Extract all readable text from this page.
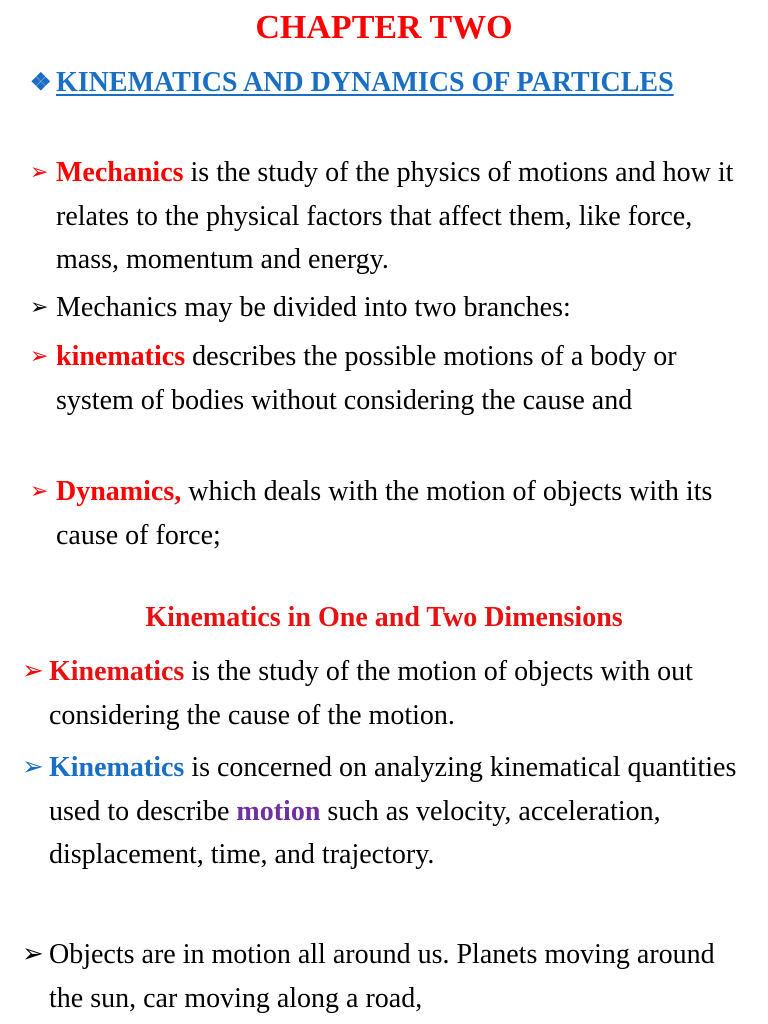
CHAPTER TWO
❖ KINEMATICS AND DYNAMICS OF PARTICLES
➢ Mechanics is the study of the physics of motions and how it relates to the physical factors that affect them, like force, mass, momentum and energy.
➢ Mechanics may be divided into two branches:
➢ kinematics describes the possible motions of a body or system of bodies without considering the cause and
➢ Dynamics, which deals with the motion of objects with its cause of force;
Kinematics in One and Two Dimensions
➢ Kinematics is the study of the motion of objects with out considering the cause of the motion.
➢ Kinematics is concerned on analyzing kinematical quantities used to describe motion such as velocity, acceleration, displacement, time, and trajectory.
➢ Objects are in motion all around us. Planets moving around the sun, car moving along a road,
